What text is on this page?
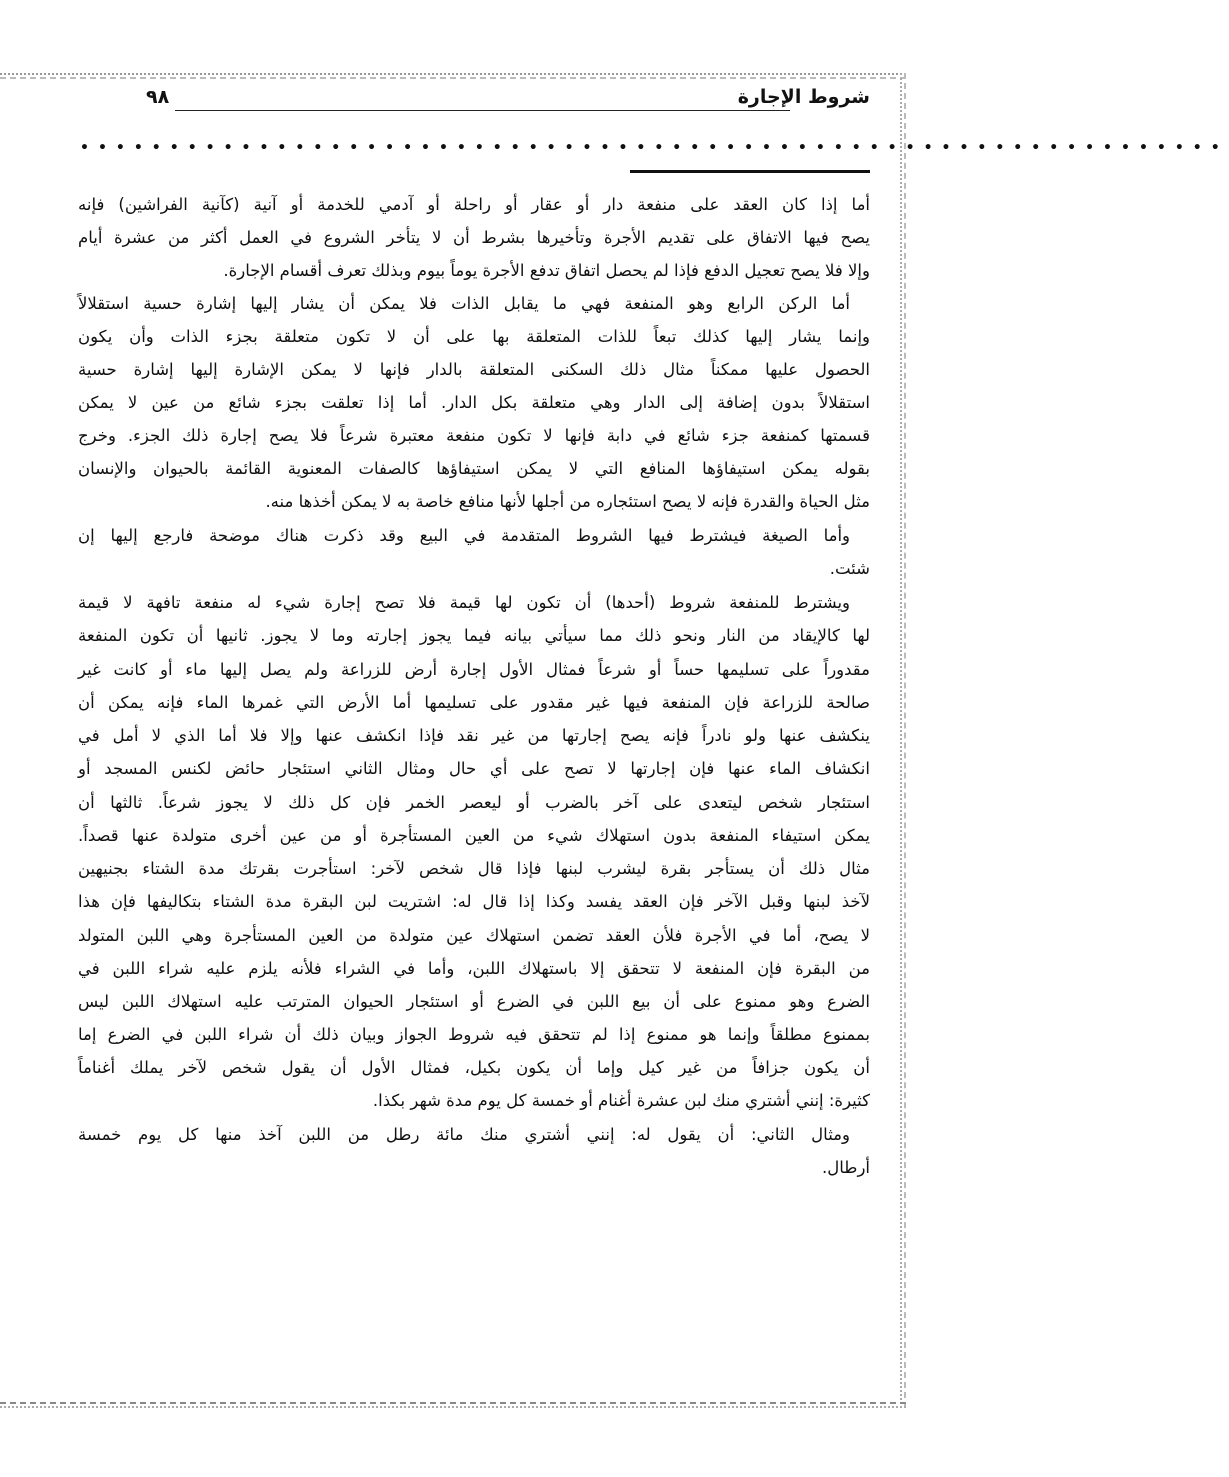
شروط الإجارة
٩٨
••••••••••••••••••••••••••••••••••••••••••••••••••••••••••••••••
أما إذا كان العقد على منفعة دار أو عقار أو راحلة أو آدمي للخدمة أو آنية (كآنية الفراشين) فإنه
يصح فيها الاتفاق على تقديم الأجرة وتأخيرها بشرط أن لا يتأخر الشروع في العمل أكثر من عشرة أيام
وإلا فلا يصح تعجيل الدفع فإذا لم يحصل اتفاق تدفع الأجرة يوماً بيوم وبذلك تعرف أقسام الإجارة.
أما الركن الرابع وهو المنفعة فهي ما يقابل الذات فلا يمكن أن يشار إليها إشارة حسية استقلالاً
وإنما يشار إليها كذلك تبعاً للذات المتعلقة بها على أن لا تكون متعلقة بجزء الذات وأن يكون
الحصول عليها ممكناً مثال ذلك السكنى المتعلقة بالدار فإنها لا يمكن الإشارة إليها إشارة حسية
استقلالاً بدون إضافة إلى الدار وهي متعلقة بكل الدار. أما إذا تعلقت بجزء شائع من عين لا يمكن
قسمتها كمنفعة جزء شائع في دابة فإنها لا تكون منفعة معتبرة شرعاً فلا يصح إجارة ذلك الجزء. وخرج
بقوله يمكن استيفاؤها المنافع التي لا يمكن استيفاؤها كالصفات المعنوية القائمة بالحيوان والإنسان
مثل الحياة والقدرة فإنه لا يصح استئجاره من أجلها لأنها منافع خاصة به لا يمكن أخذها منه.
وأما الصيغة فيشترط فيها الشروط المتقدمة في البيع وقد ذكرت هناك موضحة فارجع إليها إن
شئت.
ويشترط للمنفعة شروط (أحدها) أن تكون لها قيمة فلا تصح إجارة شيء له منفعة تافهة لا قيمة
لها كالإيقاد من النار ونحو ذلك مما سيأتي بيانه فيما يجوز إجارته وما لا يجوز. ثانيها أن تكون المنفعة
مقدوراً على تسليمها حساً أو شرعاً فمثال الأول إجارة أرض للزراعة ولم يصل إليها ماء أو كانت غير
صالحة للزراعة فإن المنفعة فيها غير مقدور على تسليمها أما الأرض التي غمرها الماء فإنه يمكن أن
ينكشف عنها ولو نادراً فإنه يصح إجارتها من غير نقد فإذا انكشف عنها وإلا فلا أما الذي لا أمل في
انكشاف الماء عنها فإن إجارتها لا تصح على أي حال ومثال الثاني استئجار حائض لكنس المسجد أو
استئجار شخص ليتعدى على آخر بالضرب أو ليعصر الخمر فإن كل ذلك لا يجوز شرعاً. ثالثها أن
يمكن استيفاء المنفعة بدون استهلاك شيء من العين المستأجرة أو من عين أخرى متولدة عنها قصداً.
مثال ذلك أن يستأجر بقرة ليشرب لبنها فإذا قال شخص لآخر: استأجرت بقرتك مدة الشتاء بجنيهين
لآخذ لبنها وقبل الآخر فإن العقد يفسد وكذا إذا قال له: اشتريت لبن البقرة مدة الشتاء بتكاليفها فإن هذا
لا يصح، أما في الأجرة فلأن العقد تضمن استهلاك عين متولدة من العين المستأجرة وهي اللبن المتولد
من البقرة فإن المنفعة لا تتحقق إلا باستهلاك اللبن، وأما في الشراء فلأنه يلزم عليه شراء اللبن في
الضرع وهو ممنوع على أن بيع اللبن في الضرع أو استئجار الحيوان المترتب عليه استهلاك اللبن ليس
بممنوع مطلقاً وإنما هو ممنوع إذا لم تتحقق فيه شروط الجواز وبيان ذلك أن شراء اللبن في الضرع إما
أن يكون جزافاً من غير كيل وإما أن يكون بكيل، فمثال الأول أن يقول شخص لآخر يملك أغناماً
كثيرة: إنني أشتري منك لبن عشرة أغنام أو خمسة كل يوم مدة شهر بكذا.
ومثال الثاني: أن يقول له: إنني أشتري منك مائة رطل من اللبن آخذ منها كل يوم خمسة
أرطال.
